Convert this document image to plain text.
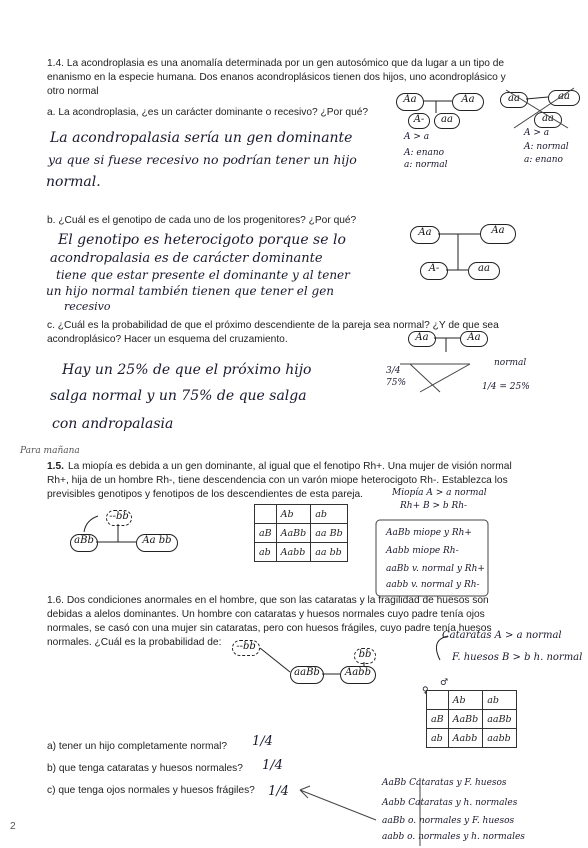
1.4. La acondroplasia es una anomalía determinada por un gen autosómico que da lugar a un tipo de
enanismo en la especie humana. Dos enanos acondroplásicos tienen dos hijos, uno acondroplásico y
otro normal
a. La acondroplasia, ¿es un carácter dominante o recesivo? ¿Por qué?
La acondropalasia sería un gen dominante
ya que si fuese recesivo no podrían tener un hijo
normal.
Aa	Aa
A-	aa
aa	aa
aa
A > a
A: enano
a: normal
A > a
A: normal
a: enano
b. ¿Cuál es el genotipo de cada uno de los progenitores? ¿Por qué?
El genotipo es heterocigoto porque se lo
acondropalasia es de carácter dominante
tiene que estar presente el dominante y al tener
un hijo normal también tienen que tener el gen
recesivo
Aa	Aa
A-	aa
c. ¿Cuál es la probabilidad de que el próximo descendiente de la pareja sea normal? ¿Y de que sea
acondroplásico? Hacer un esquema del cruzamiento.
Hay un 25% de que el próximo hijo
salga normal y un 75% de que salga
con andropalasia
Aa	Aa
3/4
75%
normal
1/4 = 25%
Para mañana
1.5. La miopía es debida a un gen dominante, al igual que el fenotipo Rh+. Una mujer de visión normal
Rh+, hija de un hombre Rh-, tiene descendencia con un varón miope heterocigoto Rh-. Establezca los
previsibles genotipos y fenotipos de los descendientes de esta pareja.	Miopía A > a normal
Rh+ B > b Rh-
aBb	Aa bb
--bb
		Ab	ab
aB	AaBb	aa Bb
ab	Aabb	aa bb
AaBb miope y Rh+
Aabb miope Rh-
aaBb v. normal y Rh+
aabb v. normal y Rh-
1.6. Dos condiciones anormales en el hombre, que son las cataratas y la fragilidad de huesos son
debidas a alelos dominantes. Un hombre con cataratas y huesos normales cuyo padre tenía ojos
normales, se casó con una mujer sin cataratas, pero con huesos frágiles, cuyo padre tenía huesos
normales. ¿Cuál es la probabilidad de:
Cataratas A > a normal
F. huesos B > b h. normal
--bb
bb
aaBb	Aabb
♀
♂
	Ab	ab
aB	AaBb	aaBb
ab	Aabb	aabb
a) tener un hijo completamente normal? 1/4
b) que tenga cataratas y huesos normales? 1/4
c) que tenga ojos normales y huesos frágiles? 1/4
AaBb Cataratas y F. huesos
Aabb Cataratas y h. normales
aaBb o. normales y F. huesos
aabb o. normales y h. normales
2
